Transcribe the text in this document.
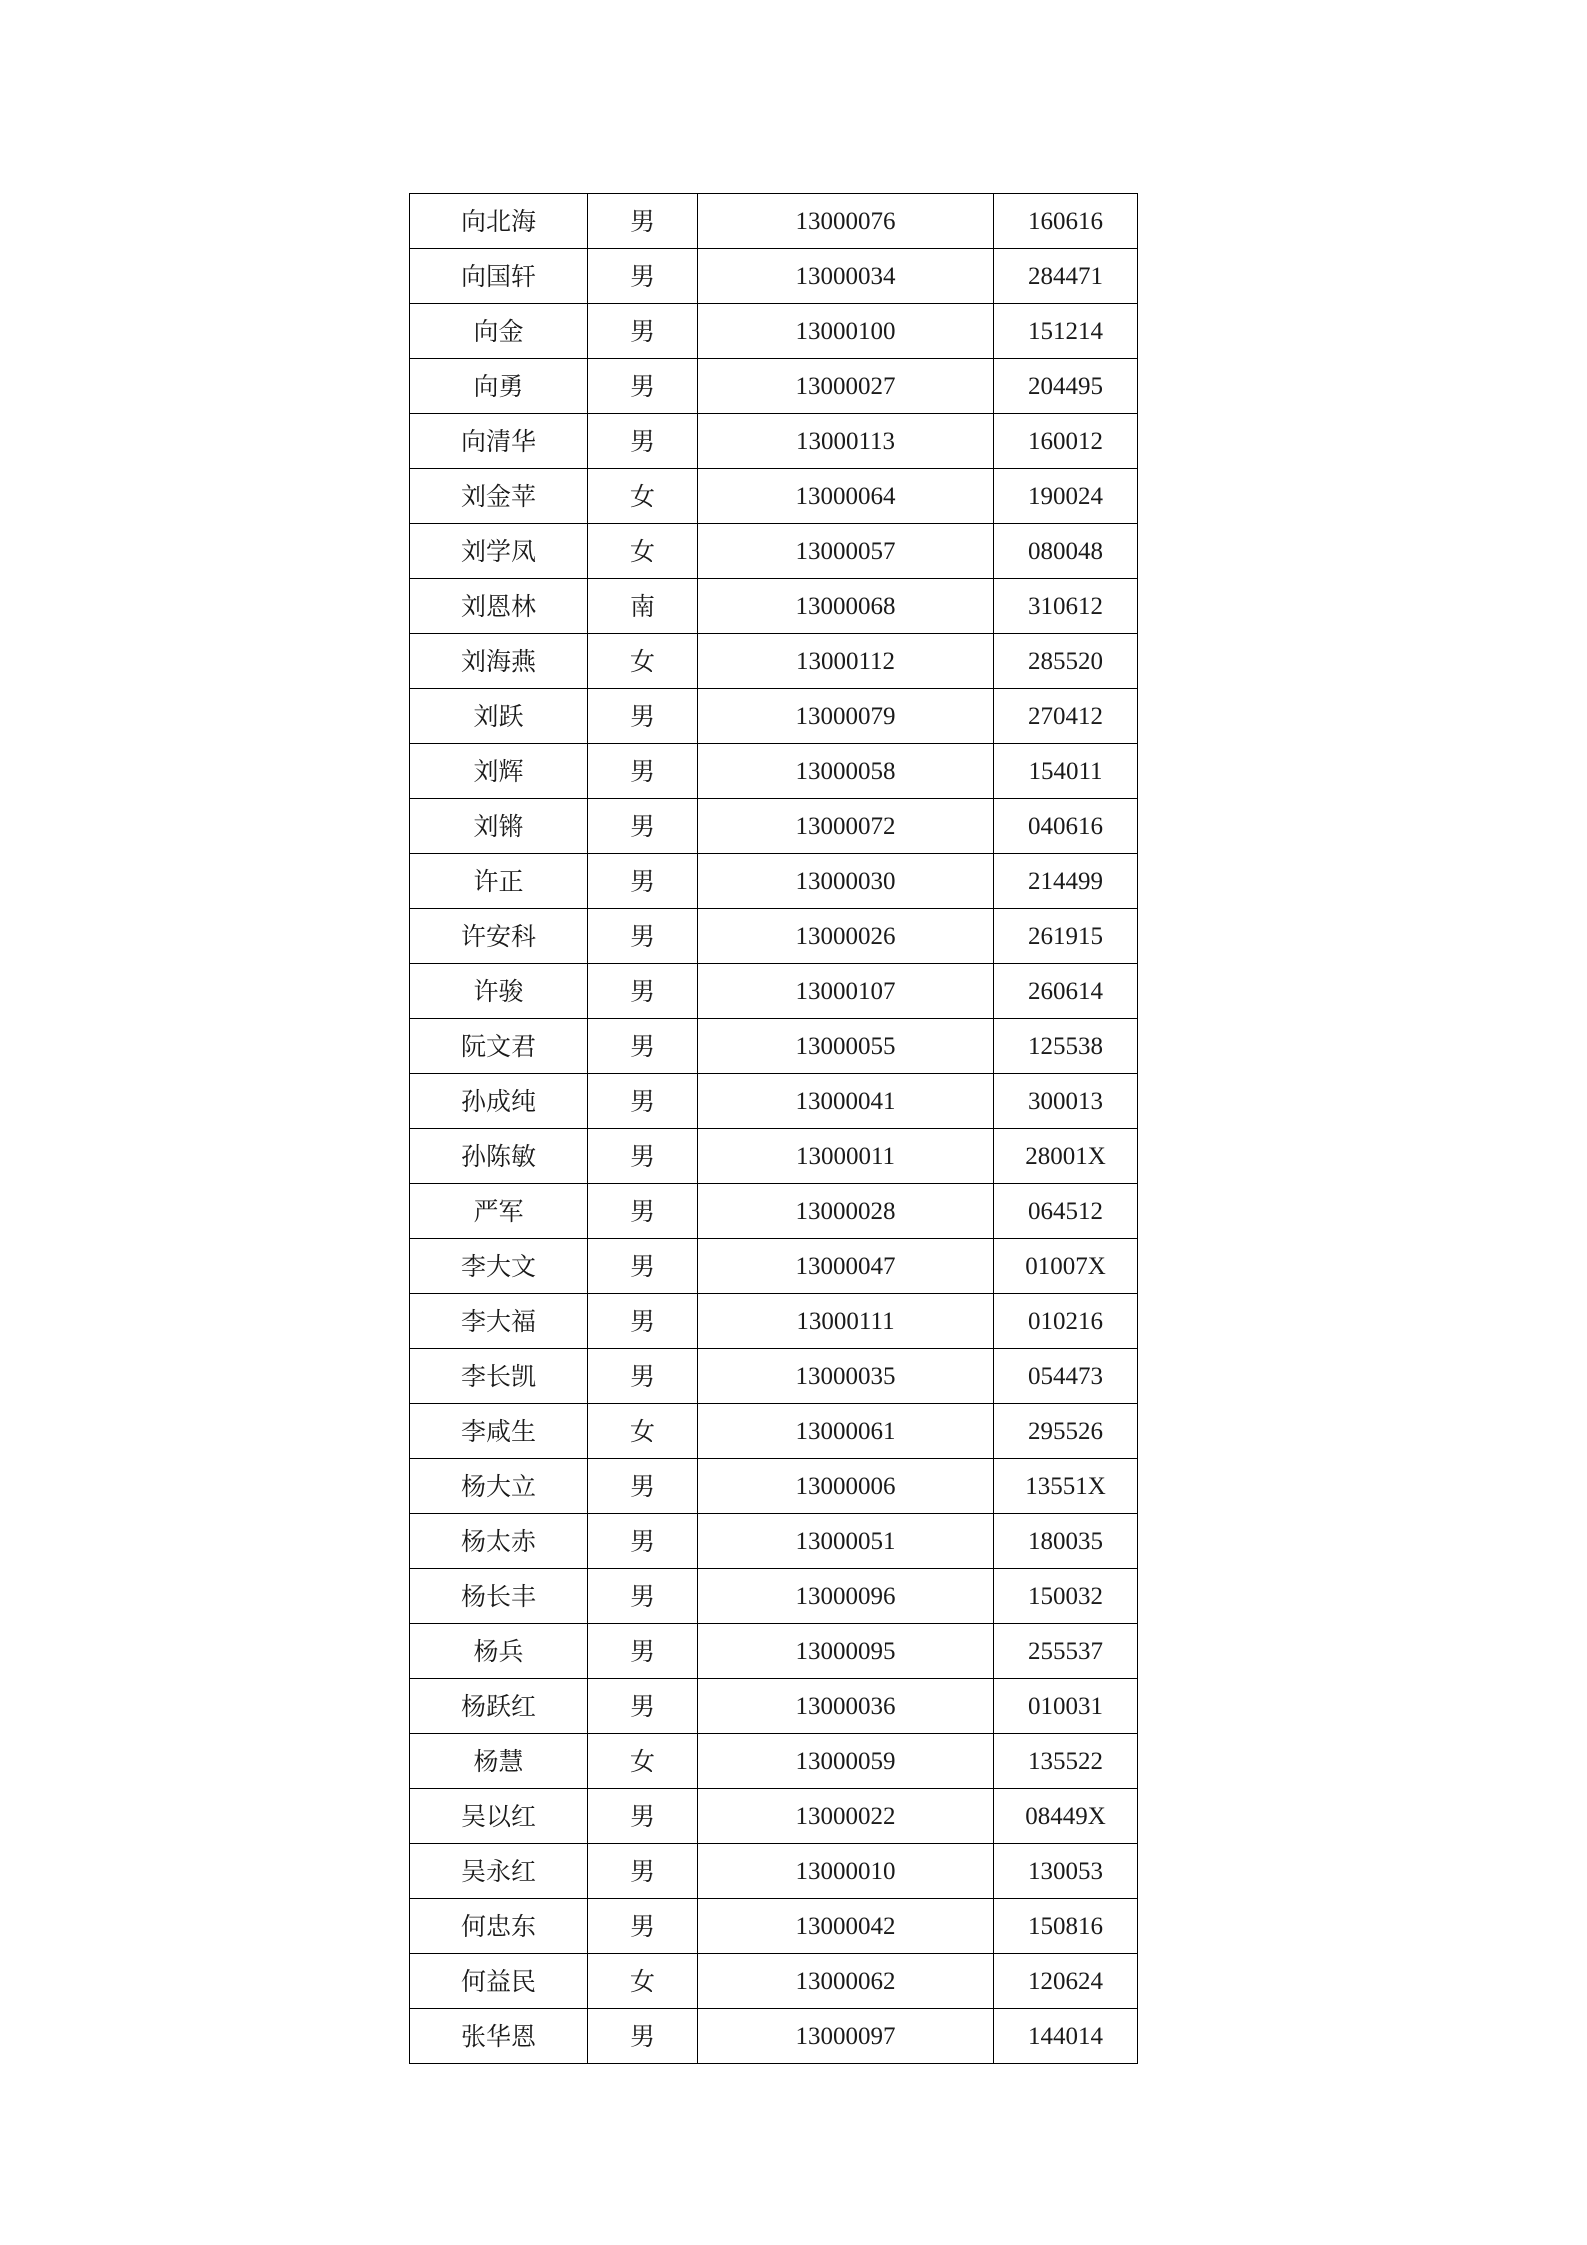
向北海	男	13000076	160616
向国轩	男	13000034	284471
向金	男	13000100	151214
向勇	男	13000027	204495
向清华	男	13000113	160012
刘金苹	女	13000064	190024
刘学凤	女	13000057	080048
刘恩林	南	13000068	310612
刘海燕	女	13000112	285520
刘跃	男	13000079	270412
刘辉	男	13000058	154011
刘锵	男	13000072	040616
许正	男	13000030	214499
许安科	男	13000026	261915
许骏	男	13000107	260614
阮文君	男	13000055	125538
孙成纯	男	13000041	300013
孙陈敏	男	13000011	28001X
严军	男	13000028	064512
李大文	男	13000047	01007X
李大福	男	13000111	010216
李长凯	男	13000035	054473
李咸生	女	13000061	295526
杨大立	男	13000006	13551X
杨太赤	男	13000051	180035
杨长丰	男	13000096	150032
杨兵	男	13000095	255537
杨跃红	男	13000036	010031
杨慧	女	13000059	135522
吴以红	男	13000022	08449X
吴永红	男	13000010	130053
何忠东	男	13000042	150816
何益民	女	13000062	120624
张华恩	男	13000097	144014
